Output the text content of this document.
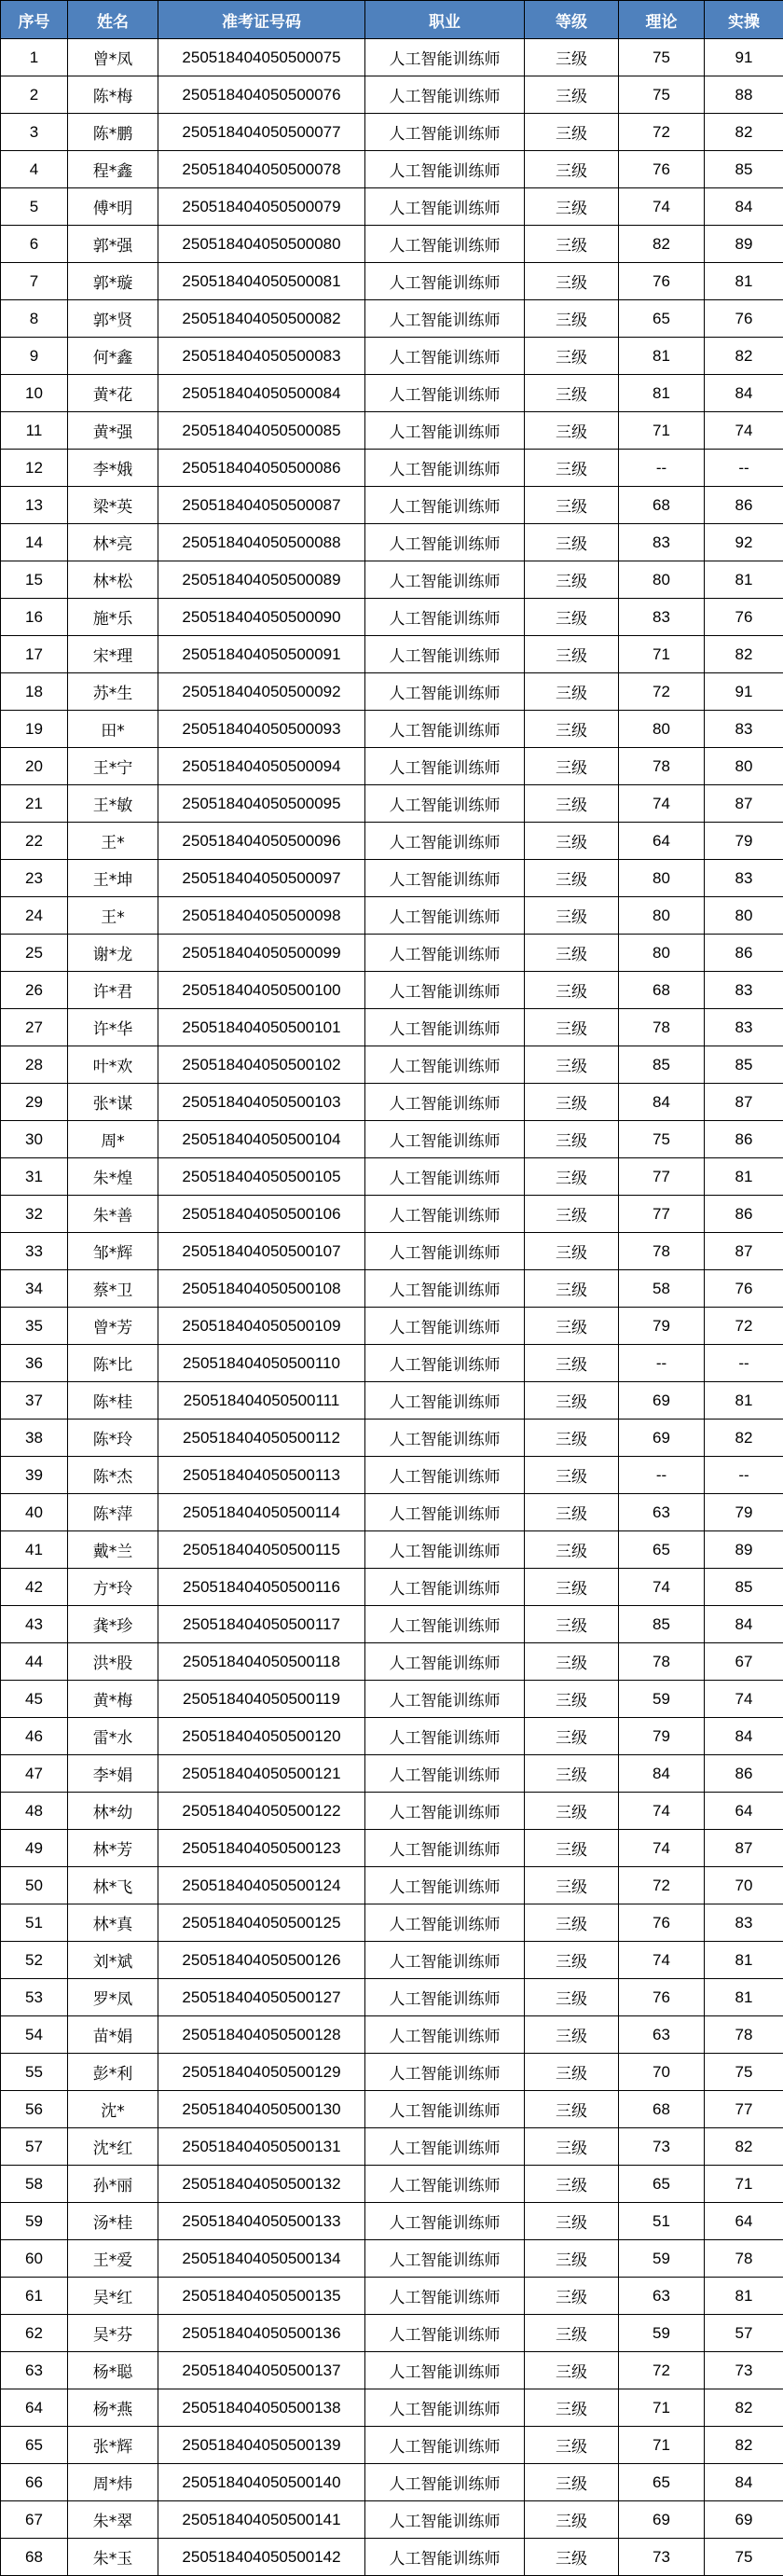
序号	姓名	准考证号码	职业	等级	理论	实操
1	曾*凤	250518404050500075	人工智能训练师	三级	75	91
2	陈*梅	250518404050500076	人工智能训练师	三级	75	88
3	陈*鹏	250518404050500077	人工智能训练师	三级	72	82
4	程*鑫	250518404050500078	人工智能训练师	三级	76	85
5	傅*明	250518404050500079	人工智能训练师	三级	74	84
6	郭*强	250518404050500080	人工智能训练师	三级	82	89
7	郭*璇	250518404050500081	人工智能训练师	三级	76	81
8	郭*贤	250518404050500082	人工智能训练师	三级	65	76
9	何*鑫	250518404050500083	人工智能训练师	三级	81	82
10	黄*花	250518404050500084	人工智能训练师	三级	81	84
11	黄*强	250518404050500085	人工智能训练师	三级	71	74
12	李*娥	250518404050500086	人工智能训练师	三级	--	--
13	梁*英	250518404050500087	人工智能训练师	三级	68	86
14	林*亮	250518404050500088	人工智能训练师	三级	83	92
15	林*松	250518404050500089	人工智能训练师	三级	80	81
16	施*乐	250518404050500090	人工智能训练师	三级	83	76
17	宋*理	250518404050500091	人工智能训练师	三级	71	82
18	苏*生	250518404050500092	人工智能训练师	三级	72	91
19	田*	250518404050500093	人工智能训练师	三级	80	83
20	王*宁	250518404050500094	人工智能训练师	三级	78	80
21	王*敏	250518404050500095	人工智能训练师	三级	74	87
22	王*	250518404050500096	人工智能训练师	三级	64	79
23	王*坤	250518404050500097	人工智能训练师	三级	80	83
24	王*	250518404050500098	人工智能训练师	三级	80	80
25	谢*龙	250518404050500099	人工智能训练师	三级	80	86
26	许*君	250518404050500100	人工智能训练师	三级	68	83
27	许*华	250518404050500101	人工智能训练师	三级	78	83
28	叶*欢	250518404050500102	人工智能训练师	三级	85	85
29	张*谋	250518404050500103	人工智能训练师	三级	84	87
30	周*	250518404050500104	人工智能训练师	三级	75	86
31	朱*煌	250518404050500105	人工智能训练师	三级	77	81
32	朱*善	250518404050500106	人工智能训练师	三级	77	86
33	邹*辉	250518404050500107	人工智能训练师	三级	78	87
34	蔡*卫	250518404050500108	人工智能训练师	三级	58	76
35	曾*芳	250518404050500109	人工智能训练师	三级	79	72
36	陈*比	250518404050500110	人工智能训练师	三级	--	--
37	陈*桂	250518404050500111	人工智能训练师	三级	69	81
38	陈*玲	250518404050500112	人工智能训练师	三级	69	82
39	陈*杰	250518404050500113	人工智能训练师	三级	--	--
40	陈*萍	250518404050500114	人工智能训练师	三级	63	79
41	戴*兰	250518404050500115	人工智能训练师	三级	65	89
42	方*玲	250518404050500116	人工智能训练师	三级	74	85
43	龚*珍	250518404050500117	人工智能训练师	三级	85	84
44	洪*股	250518404050500118	人工智能训练师	三级	78	67
45	黄*梅	250518404050500119	人工智能训练师	三级	59	74
46	雷*水	250518404050500120	人工智能训练师	三级	79	84
47	李*娟	250518404050500121	人工智能训练师	三级	84	86
48	林*幼	250518404050500122	人工智能训练师	三级	74	64
49	林*芳	250518404050500123	人工智能训练师	三级	74	87
50	林*飞	250518404050500124	人工智能训练师	三级	72	70
51	林*真	250518404050500125	人工智能训练师	三级	76	83
52	刘*斌	250518404050500126	人工智能训练师	三级	74	81
53	罗*凤	250518404050500127	人工智能训练师	三级	76	81
54	苗*娟	250518404050500128	人工智能训练师	三级	63	78
55	彭*利	250518404050500129	人工智能训练师	三级	70	75
56	沈*	250518404050500130	人工智能训练师	三级	68	77
57	沈*红	250518404050500131	人工智能训练师	三级	73	82
58	孙*丽	250518404050500132	人工智能训练师	三级	65	71
59	汤*桂	250518404050500133	人工智能训练师	三级	51	64
60	王*爱	250518404050500134	人工智能训练师	三级	59	78
61	吴*红	250518404050500135	人工智能训练师	三级	63	81
62	吴*芬	250518404050500136	人工智能训练师	三级	59	57
63	杨*聪	250518404050500137	人工智能训练师	三级	72	73
64	杨*燕	250518404050500138	人工智能训练师	三级	71	82
65	张*辉	250518404050500139	人工智能训练师	三级	71	82
66	周*炜	250518404050500140	人工智能训练师	三级	65	84
67	朱*翠	250518404050500141	人工智能训练师	三级	69	69
68	朱*玉	250518404050500142	人工智能训练师	三级	73	75
